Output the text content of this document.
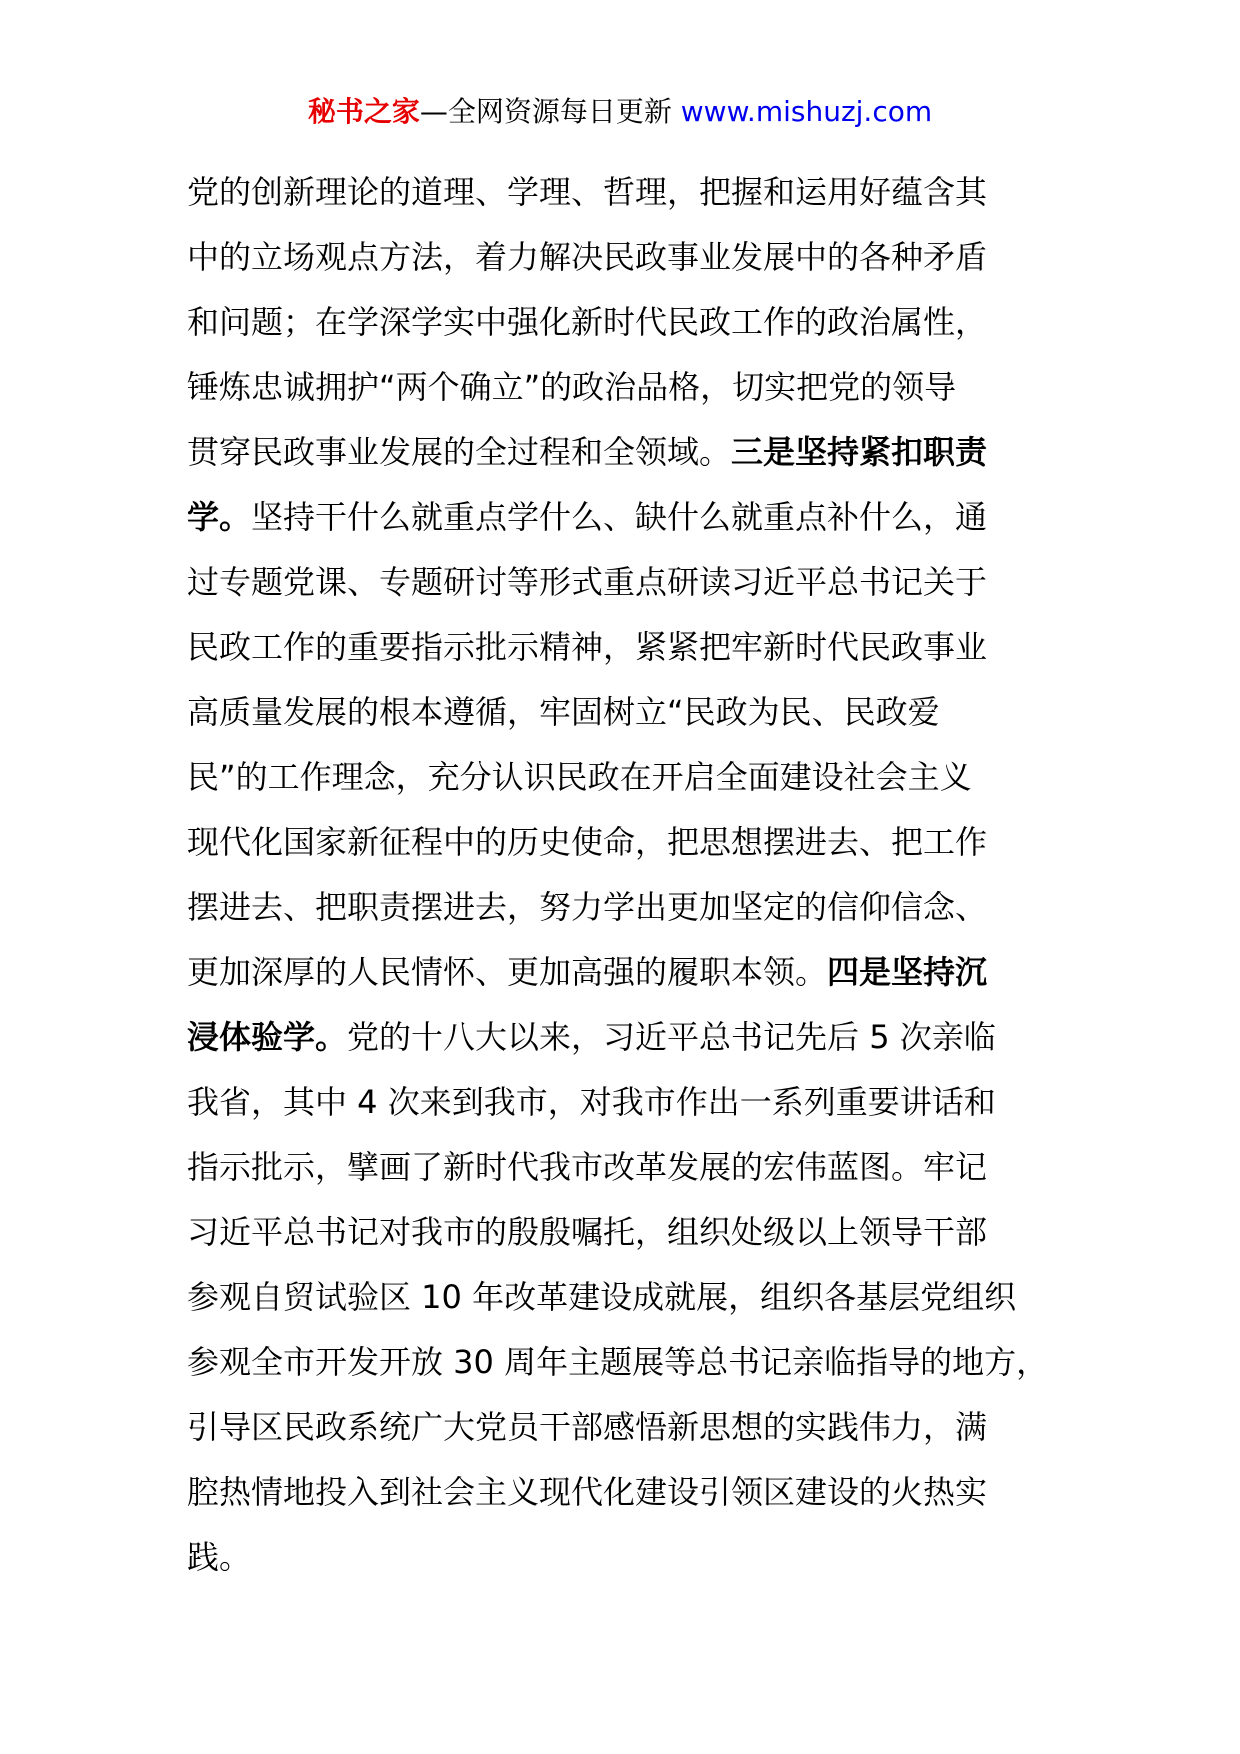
秘书之家—全网资源每日更新 www.mishuzj.com
党的创新理论的道理、学理、哲理，把握和运用好蕴含其
中的立场观点方法，着力解决民政事业发展中的各种矛盾
和问题；在学深学实中强化新时代民政工作的政治属性，
锤炼忠诚拥护“两个确立”的政治品格，切实把党的领导
贯穿民政事业发展的全过程和全领域。三是坚持紧扣职责
学。坚持干什么就重点学什么、缺什么就重点补什么，通
过专题党课、专题研讨等形式重点研读习近平总书记关于
民政工作的重要指示批示精神，紧紧把牢新时代民政事业
高质量发展的根本遵循，牢固树立“民政为民、民政爱
民”的工作理念，充分认识民政在开启全面建设社会主义
现代化国家新征程中的历史使命，把思想摆进去、把工作
摆进去、把职责摆进去，努力学出更加坚定的信仰信念、
更加深厚的人民情怀、更加高强的履职本领。四是坚持沉
浸体验学。党的十八大以来，习近平总书记先后 5 次亲临
我省，其中 4 次来到我市，对我市作出一系列重要讲话和
指示批示，擘画了新时代我市改革发展的宏伟蓝图。牢记
习近平总书记对我市的殷殷嘱托，组织处级以上领导干部
参观自贸试验区 10 年改革建设成就展，组织各基层党组织
参观全市开发开放 30 周年主题展等总书记亲临指导的地方，
引导区民政系统广大党员干部感悟新思想的实践伟力，满
腔热情地投入到社会主义现代化建设引领区建设的火热实
践。
